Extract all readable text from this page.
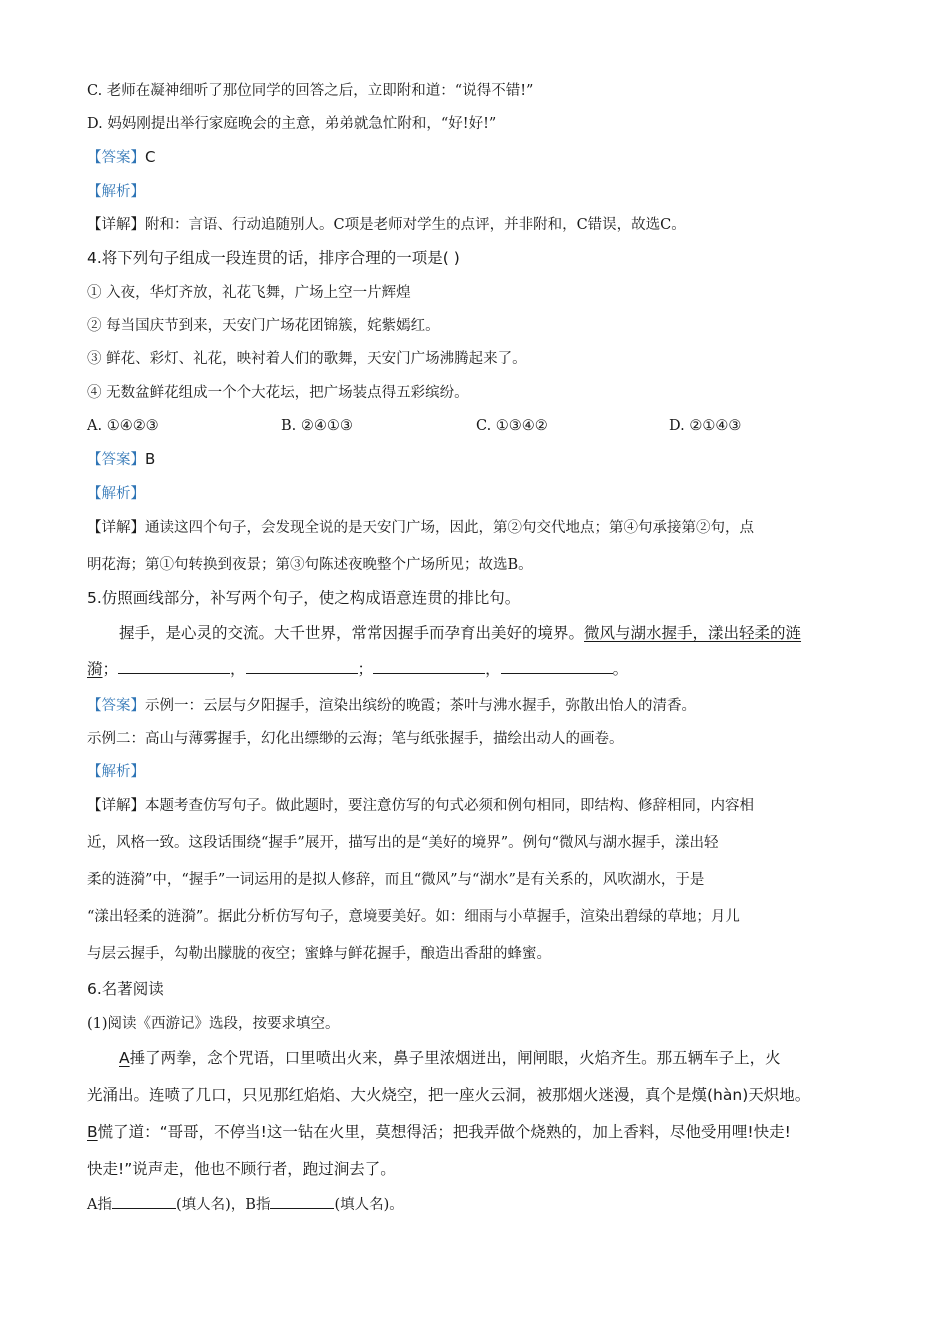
C. 老师在凝神细听了那位同学的回答之后，立即附和道：“说得不错!”
D. 妈妈刚提出举行家庭晚会的主意，弟弟就急忙附和，“好!好!”
【答案】C
【解析】
【详解】附和：言语、行动追随别人。C项是老师对学生的点评，并非附和，C错误，故选C。
4.将下列句子组成一段连贯的话，排序合理的一项是( )
① 入夜，华灯齐放，礼花飞舞，广场上空一片辉煌
② 每当国庆节到来，天安门广场花团锦簇，姹紫嫣红。
③ 鲜花、彩灯、礼花，映衬着人们的歌舞，天安门广场沸腾起来了。
④ 无数盆鲜花组成一个个大花坛，把广场装点得五彩缤纷。
A. ①④②③	B. ②④①③	C. ①③④②	D. ②①④③
【答案】B
【解析】
【详解】通读这四个句子，会发现全说的是天安门广场，因此，第②句交代地点；第④句承接第②句，点
明花海；第①句转换到夜景；第③句陈述夜晚整个广场所见；故选B。
5.仿照画线部分，补写两个句子，使之构成语意连贯的排比句。
握手，是心灵的交流。大千世界，常常因握手而孕育出美好的境界。微风与湖水握手，漾出轻柔的涟
漪；	，	；	，	。
【答案】示例一：云层与夕阳握手，渲染出缤纷的晚霞；茶叶与沸水握手，弥散出怡人的清香。
示例二：高山与薄雾握手，幻化出缥缈的云海；笔与纸张握手，描绘出动人的画卷。
【解析】
【详解】本题考查仿写句子。做此题时，要注意仿写的句式必须和例句相同，即结构、修辞相同，内容相
近，风格一致。这段话围绕“握手”展开，描写出的是“美好的境界”。例句“微风与湖水握手，漾出轻
柔的涟漪”中，“握手”一词运用的是拟人修辞，而且“微风”与“湖水”是有关系的，风吹湖水，于是
“漾出轻柔的涟漪”。据此分析仿写句子，意境要美好。如：细雨与小草握手，渲染出碧绿的草地；月儿
与层云握手，勾勒出朦胧的夜空；蜜蜂与鲜花握手，酿造出香甜的蜂蜜。
6.名著阅读
(1)阅读《西游记》选段，按要求填空。
A捶了两拳，念个咒语，口里喷出火来，鼻子里浓烟迸出，闸闸眼，火焰齐生。那五辆车子上，火
光涌出。连喷了几口，只见那红焰焰、大火烧空，把一座火云洞，被那烟火迷漫，真个是熯(hàn)天炽地。
B慌了道：“哥哥，不停当!这一钻在火里，莫想得活；把我弄做个烧熟的，加上香料，尽他受用哩!快走!
快走!”说声走，他也不顾行者，跑过涧去了。
A指	(填人名)，B指	(填人名)。
